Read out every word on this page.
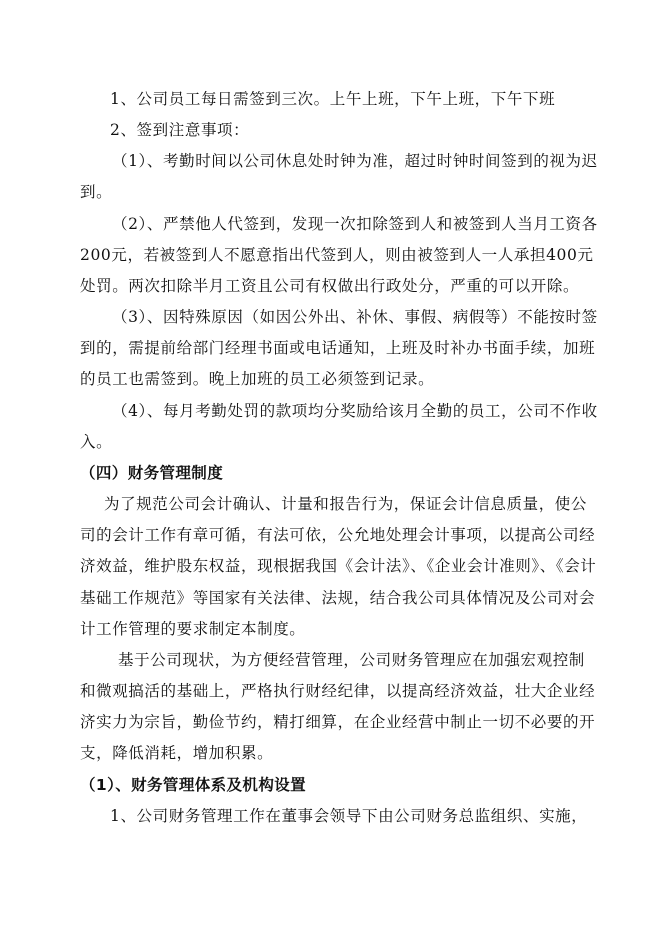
1、公司员工每日需签到三次。上午上班，下午上班，下午下班
2、签到注意事项：
（1）、考勤时间以公司休息处时钟为准，超过时钟时间签到的视为迟
到。
（2）、严禁他人代签到，发现一次扣除签到人和被签到人当月工资各
200元，若被签到人不愿意指出代签到人，则由被签到人一人承担400元
处罚。两次扣除半月工资且公司有权做出行政处分，严重的可以开除。
（3）、因特殊原因（如因公外出、补休、事假、病假等）不能按时签
到的，需提前给部门经理书面或电话通知，上班及时补办书面手续，加班
的员工也需签到。晚上加班的员工必须签到记录。
（4）、每月考勤处罚的款项均分奖励给该月全勤的员工，公司不作收
入。
（四）财务管理制度
为了规范公司会计确认、计量和报告行为，保证会计信息质量，使公
司的会计工作有章可循，有法可依，公允地处理会计事项，以提高公司经
济效益，维护股东权益，现根据我国《会计法》、《企业会计准则》、《会计
基础工作规范》等国家有关法律、法规，结合我公司具体情况及公司对会
计工作管理的要求制定本制度。
基于公司现状，为方便经营管理，公司财务管理应在加强宏观控制
和微观搞活的基础上，严格执行财经纪律，以提高经济效益，壮大企业经
济实力为宗旨，勤俭节约，精打细算，在企业经营中制止一切不必要的开
支，降低消耗，增加积累。
（1）、财务管理体系及机构设置
1、公司财务管理工作在董事会领导下由公司财务总监组织、实施，
